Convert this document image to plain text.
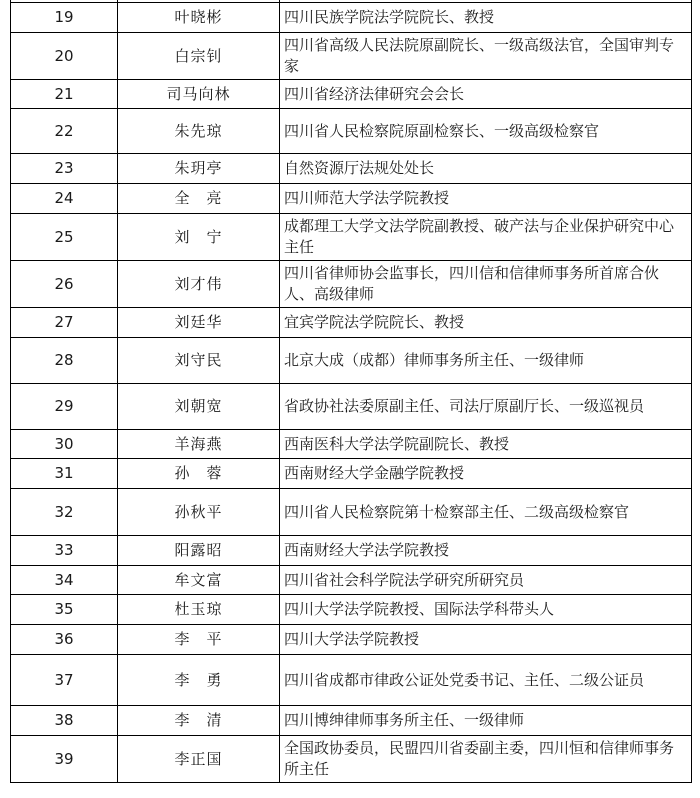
19	叶晓彬	四川民族学院法学院院长、教授
20	白宗钊	四川省高级人民法院原副院长、一级高级法官，全国审判专家
21	司马向林	四川省经济法律研究会会长
22	朱先琼	四川省人民检察院原副检察长、一级高级检察官
23	朱玥亭	自然资源厅法规处处长
24	全　亮	四川师范大学法学院教授
25	刘　宁	成都理工大学文法学院副教授、破产法与企业保护研究中心主任
26	刘才伟	四川省律师协会监事长，四川信和信律师事务所首席合伙人、高级律师
27	刘廷华	宜宾学院法学院院长、教授
28	刘守民	北京大成（成都）律师事务所主任、一级律师
29	刘朝宽	省政协社法委原副主任、司法厅原副厅长、一级巡视员
30	羊海燕	西南医科大学法学院副院长、教授
31	孙　蓉	西南财经大学金融学院教授
32	孙秋平	四川省人民检察院第十检察部主任、二级高级检察官
33	阳露昭	西南财经大学法学院教授
34	牟文富	四川省社会科学院法学研究所研究员
35	杜玉琼	四川大学法学院教授、国际法学科带头人
36	李　平	四川大学法学院教授
37	李　勇	四川省成都市律政公证处党委书记、主任、二级公证员
38	李　清	四川博绅律师事务所主任、一级律师
39	李正国	全国政协委员，民盟四川省委副主委，四川恒和信律师事务所主任
